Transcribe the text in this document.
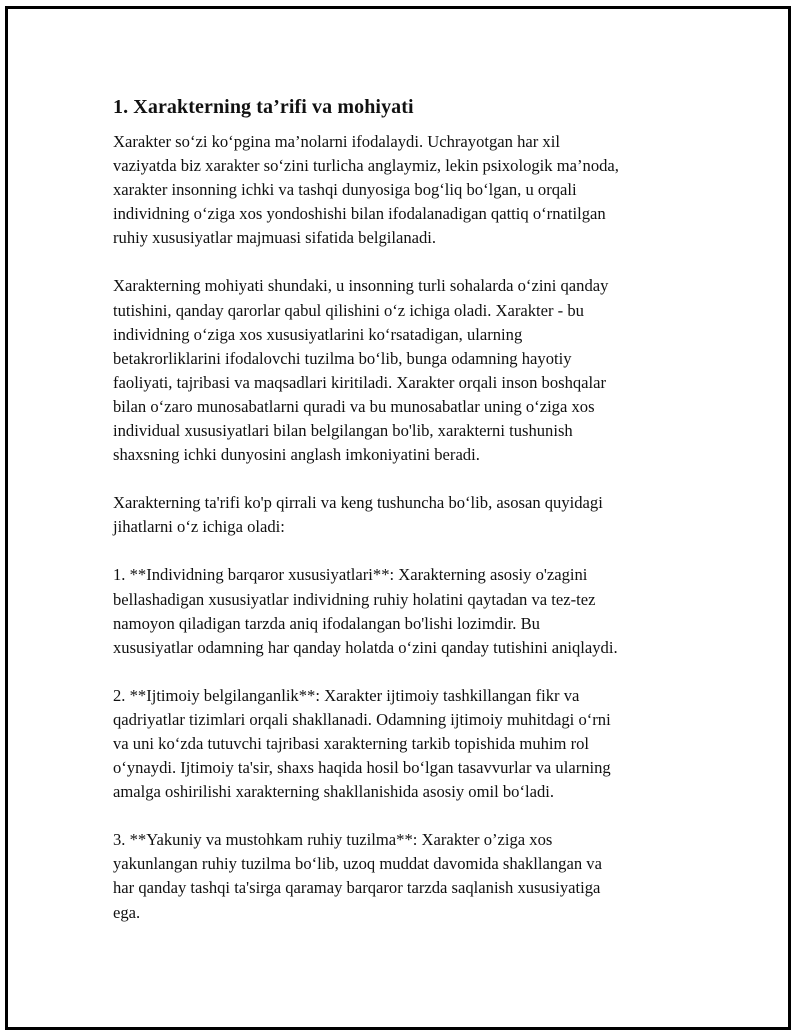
1. Xarakterning ta’rifi va mohiyati

Xarakter so‘zi ko‘pgina ma’nolarni ifodalaydi. Uchrayotgan har xil
vaziyatda biz xarakter so‘zini turlicha anglaymiz, lekin psixologik ma’noda,
xarakter insonning ichki va tashqi dunyosiga bog‘liq bo‘lgan, u orqali
individning o‘ziga xos yondoshishi bilan ifodalanadigan qattiq o‘rnatilgan
ruhiy xususiyatlar majmuasi sifatida belgilanadi.

Xarakterning mohiyati shundaki, u insonning turli sohalarda o‘zini qanday
tutishini, qanday qarorlar qabul qilishini o‘z ichiga oladi. Xarakter - bu
individning o‘ziga xos xususiyatlarini ko‘rsatadigan, ularning
betakrorliklarini ifodalovchi tuzilma bo‘lib, bunga odamning hayotiy
faoliyati, tajribasi va maqsadlari kiritiladi. Xarakter orqali inson boshqalar
bilan o‘zaro munosabatlarni quradi va bu munosabatlar uning o‘ziga xos
individual xususiyatlari bilan belgilangan bo'lib, xarakterni tushunish
shaxsning ichki dunyosini anglash imkoniyatini beradi.

Xarakterning ta'rifi ko'p qirrali va keng tushuncha bo‘lib, asosan quyidagi
jihatlarni o‘z ichiga oladi:

1. **Individning barqaror xususiyatlari**: Xarakterning asosiy o'zagini
bellashadigan xususiyatlar individning ruhiy holatini qaytadan va tez-tez
namoyon qiladigan tarzda aniq ifodalangan bo'lishi lozimdir. Bu
xususiyatlar odamning har qanday holatda o‘zini qanday tutishini aniqlaydi.

2. **Ijtimoiy belgilanganlik**: Xarakter ijtimoiy tashkillangan fikr va
qadriyatlar tizimlari orqali shakllanadi. Odamning ijtimoiy muhitdagi o‘rni
va uni ko‘zda tutuvchi tajribasi xarakterning tarkib topishida muhim rol
o‘ynaydi. Ijtimoiy ta'sir, shaxs haqida hosil bo‘lgan tasavvurlar va ularning
amalga oshirilishi xarakterning shakllanishida asosiy omil bo‘ladi.

3. **Yakuniy va mustohkam ruhiy tuzilma**: Xarakter o’ziga xos
yakunlangan ruhiy tuzilma bo‘lib, uzoq muddat davomida shakllangan va
har qanday tashqi ta'sirga qaramay barqaror tarzda saqlanish xususiyatiga
ega.
